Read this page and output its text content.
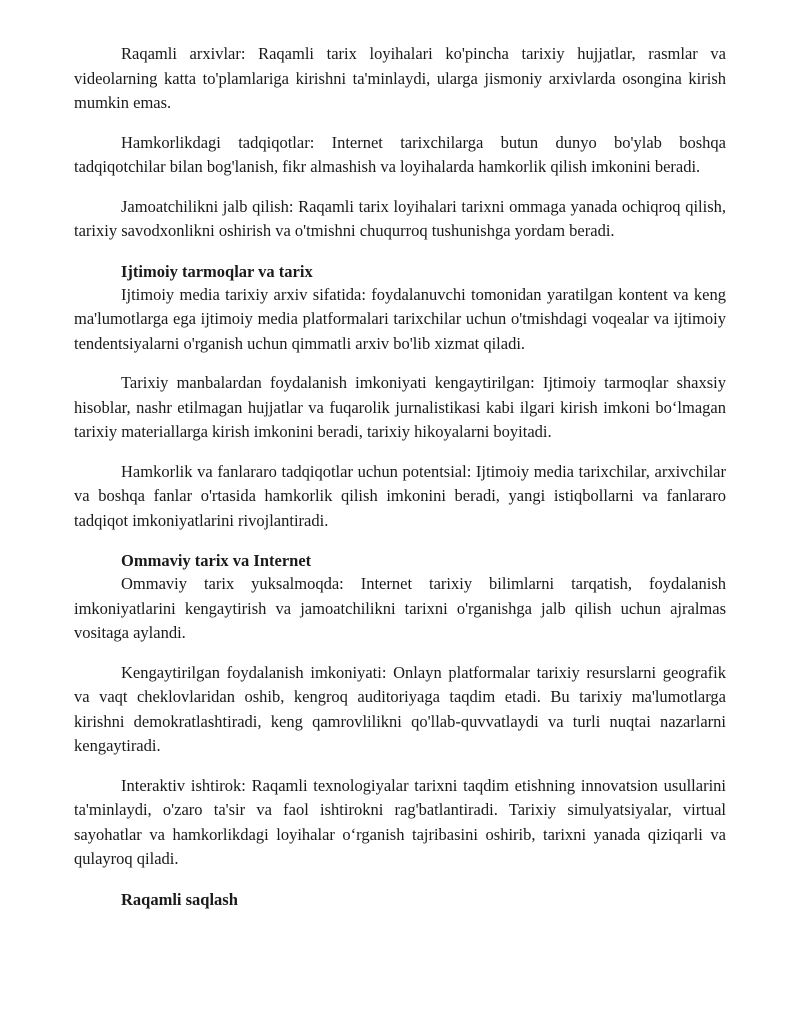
Raqamli arxivlar: Raqamli tarix loyihalari ko'pincha tarixiy hujjatlar, rasmlar va videolarning katta to'plamlariga kirishni ta'minlaydi, ularga jismoniy arxivlarda osongina kirish mumkin emas.

Hamkorlikdagi tadqiqotlar: Internet tarixchilarga butun dunyo bo'ylab boshqa tadqiqotchilar bilan bog'lanish, fikr almashish va loyihalarda hamkorlik qilish imkonini beradi.

Jamoatchilikni jalb qilish: Raqamli tarix loyihalari tarixni ommaga yanada ochiqroq qilish, tarixiy savodxonlikni oshirish va o'tmishni chuqurroq tushunishga yordam beradi.

Ijtimoiy tarmoqlar va tarix

Ijtimoiy media tarixiy arxiv sifatida: foydalanuvchi tomonidan yaratilgan kontent va keng ma'lumotlarga ega ijtimoiy media platformalari tarixchilar uchun o'tmishdagi voqealar va ijtimoiy tendentsiyalarni o'rganish uchun qimmatli arxiv bo'lib xizmat qiladi.

Tarixiy manbalardan foydalanish imkoniyati kengaytirilgan: Ijtimoiy tarmoqlar shaxsiy hisoblar, nashr etilmagan hujjatlar va fuqarolik jurnalistikasi kabi ilgari kirish imkoni bo‘lmagan tarixiy materiallarga kirish imkonini beradi, tarixiy hikoyalarni boyitadi.

Hamkorlik va fanlararo tadqiqotlar uchun potentsial: Ijtimoiy media tarixchilar, arxivchilar va boshqa fanlar o'rtasida hamkorlik qilish imkonini beradi, yangi istiqbollarni va fanlararo tadqiqot imkoniyatlarini rivojlantiradi.

Ommaviy tarix va Internet

Ommaviy tarix yuksalmoqda: Internet tarixiy bilimlarni tarqatish, foydalanish imkoniyatlarini kengaytirish va jamoatchilikni tarixni o'rganishga jalb qilish uchun ajralmas vositaga aylandi.

Kengaytirilgan foydalanish imkoniyati: Onlayn platformalar tarixiy resurslarni geografik va vaqt cheklovlaridan oshib, kengroq auditoriyaga taqdim etadi. Bu tarixiy ma'lumotlarga kirishni demokratlashtiradi, keng qamrovlilikni qo'llab-quvvatlaydi va turli nuqtai nazarlarni kengaytiradi.

Interaktiv ishtirok: Raqamli texnologiyalar tarixni taqdim etishning innovatsion usullarini ta'minlaydi, o'zaro ta'sir va faol ishtirokni rag'batlantiradi. Tarixiy simulyatsiyalar, virtual sayohatlar va hamkorlikdagi loyihalar o‘rganish tajribasini oshirib, tarixni yanada qiziqarli va qulayroq qiladi.

Raqamli saqlash
